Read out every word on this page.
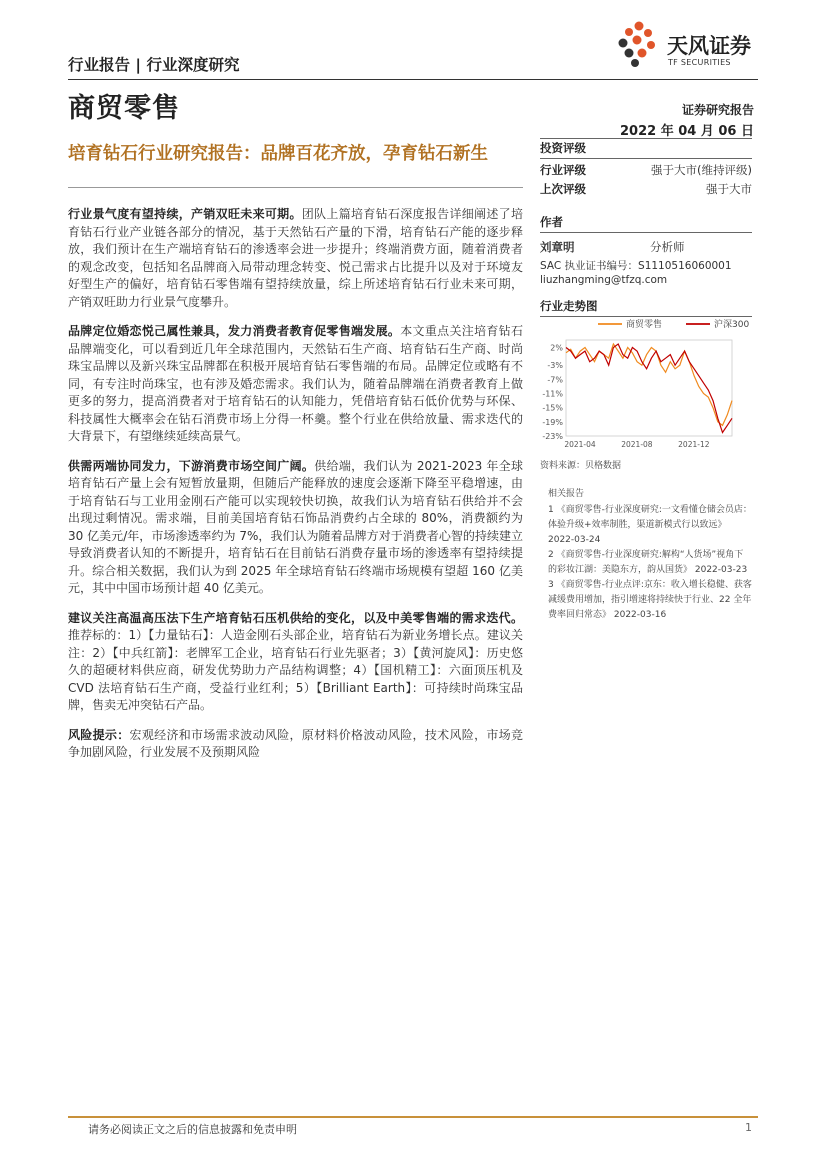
行业报告 | 行业深度研究
商贸零售
天风证券
TF SECURITIES
证券研究报告
2022 年 04 月 06 日
培育钻石行业研究报告：品牌百花齐放，孕育钻石新生

行业景气度有望持续，产销双旺未来可期。团队上篇培育钻石深度报告详细阐述了培育钻石行业产业链各部分的情况，基于天然钻石产量的下滑，培育钻石产能的逐步释放，我们预计在生产端培育钻石的渗透率会进一步提升；终端消费方面，随着消费者的观念改变，包括知名品牌商入局带动理念转变、悦己需求占比提升以及对于环境友好型生产的偏好，培育钻石零售端有望持续放量，综上所述培育钻石行业未来可期，产销双旺助力行业景气度攀升。

品牌定位婚恋悦己属性兼具，发力消费者教育促零售端发展。本文重点关注培育钻石品牌端变化，可以看到近几年全球范围内，天然钻石生产商、培育钻石生产商、时尚珠宝品牌以及新兴珠宝品牌都在积极开展培育钻石零售端的布局。品牌定位或略有不同，有专注时尚珠宝，也有涉及婚恋需求。我们认为，随着品牌端在消费者教育上做更多的努力，提高消费者对于培育钻石的认知能力，凭借培育钻石低价优势与环保、科技属性大概率会在钻石消费市场上分得一杯羹。整个行业在供给放量、需求迭代的大背景下，有望继续延续高景气。

供需两端协同发力，下游消费市场空间广阔。供给端，我们认为 2021-2023 年全球培育钻石产量上会有短暂放量期，但随后产能释放的速度会逐渐下降至平稳增速，由于培育钻石与工业用金刚石产能可以实现较快切换，故我们认为培育钻石供给并不会出现过剩情况。需求端，目前美国培育钻石饰品消费约占全球的 80%，消费额约为 30 亿美元/年，市场渗透率约为 7%，我们认为随着品牌方对于消费者心智的持续建立导致消费者认知的不断提升，培育钻石在目前钻石消费存量市场的渗透率有望持续提升。综合相关数据，我们认为到 2025 年全球培育钻石终端市场规模有望超 160 亿美元，其中中国市场预计超 40 亿美元。

建议关注高温高压法下生产培育钻石压机供给的变化，以及中美零售端的需求迭代。推荐标的：1）【力量钻石】：人造金刚石头部企业，培育钻石为新业务增长点。建议关注：2）【中兵红箭】：老牌军工企业，培育钻石行业先驱者；3）【黄河旋风】：历史悠久的超硬材料供应商，研发优势助力产品结构调整；4）【国机精工】：六面顶压机及 CVD 法培育钻石生产商，受益行业红利；5）【Brilliant Earth】：可持续时尚珠宝品牌，售卖无冲突钻石产品。

风险提示：宏观经济和市场需求波动风险，原材料价格波动风险，技术风险，市场竞争加剧风险，行业发展不及预期风险

投资评级
行业评级	强于大市(维持评级)
上次评级	强于大市
作者
刘章明	分析师
SAC 执业证书编号：S1110516060001
liuzhangming@tfzq.com
行业走势图
商贸零售	沪深300
2%
-3%
-7%
-11%
-15%
-19%
-23%
2021-04	2021-08	2021-12
资料来源：贝格数据
相关报告
1 《商贸零售-行业深度研究:一文看懂仓储会员店：体验升级+效率制胜，渠道新模式行以致远》 2022-03-24
2 《商贸零售-行业深度研究:解构“人货场”视角下的彩妆江湖：美隐东方，韵从国货》 2022-03-23
3 《商贸零售-行业点评:京东：收入增长稳健、获客减缓费用增加，指引增速将持续快于行业、22 全年费率回归常态》 2022-03-16
请务必阅读正文之后的信息披露和免责申明	1
